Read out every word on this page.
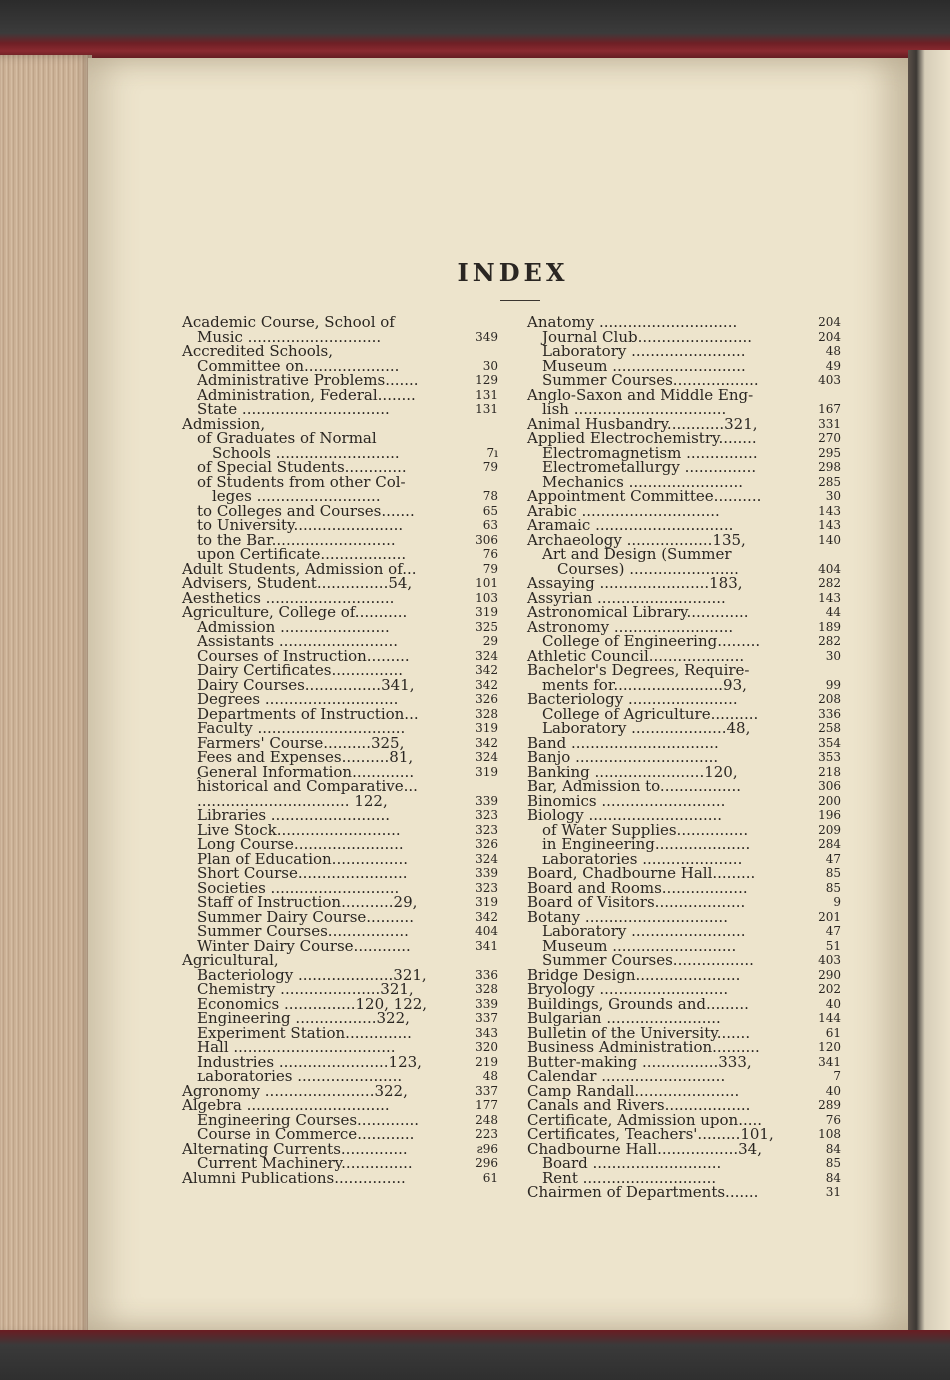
INDEX
Academic Course, School of
Music ............................	349
Accredited Schools,
Committee on....................	30
Administrative Problems.......	129
Administration, Federal........	131
State ...............................	131
Admission,
of Graduates of Normal
Schools ..........................	7ı
of Special Students.............	79
of Students from other Col-
leges ..........................	78
to Colleges and Courses.......	65
to University.......................	63
to the Bar..........................	306
upon Certificate..................	76
Adult Students, Admission of...	79
Advisers, Student...............54,	101
Aesthetics ...........................	103
Agriculture, College of...........	319
Admission .......................	325
Assistants .........................	29
Courses of Instruction.........	324
Dairy Certificates...............	342
Dairy Courses................341,	342
Degrees ............................	326
Departments of Instruction...	328
Faculty ...............................	319
Farmers' Course..........325,	342
Fees and Expenses..........81,	324
General Information.............	319
ĥistorical and Comparative...
................................ 122,	339
Libraries .........................	323
Live Stock..........................	323
Long Course.......................	326
Plan of Education................	324
Short Course.......................	339
Societies ...........................	323
Staff of Instruction...........29,	319
Summer Dairy Course..........	342
Summer Courses.................	404
Winter Dairy Course............	341
Agricultural,
Bacteriology ....................321,	336
Chemistry .....................321,	328
Economics ...............120, 122,	339
Engineering .................322,	337
Experiment Station..............	343
Hall ..................................	320
Industries .......................123,	219
ʟaboratories ......................	48
Agronomy .......................322,	337
Algebra ..............................	177
Engineering Courses.............	248
Course in Commerce............	223
Alternating Currents..............	ƨ96
Current Machinery...............	296
Alumni Publications...............	61
Anatomy .............................	204
Journal Club........................	204
Laboratory ........................	48
Museum ............................	49
Summer Courses..................	403
Anglo-Saxon and Middle Eng-
lish ................................	167
Animal Husbandry............321,	331
Applied Electrochemistry........	270
Electromagnetism ...............	295
Electrometallurgy ...............	298
Mechanics ........................	285
Appointment Committee..........	30
Arabic .............................	143
Aramaic .............................	143
Archaeology ..................135,	140
Art and Design (Summer
Courses) .......................	404
Assaying .......................183,	282
Assyrian ...........................	143
Astronomical Library.............	44
Astronomy .........................	189
College of Engineering.........	282
Athletic Council....................	30
Bachelor's Degrees, Require-
ments for.......................93,	99
Bacteriology .......................	208
College of Agriculture..........	336
Laboratory ....................48,	258
Band ...............................	354
Banjo ..............................	353
Banking .......................120,	218
Bar, Admission to.................	306
Binomics ..........................	200
Biology ............................	196
of Water Supplies...............	209
in Engineering....................	284
ʟaboratories .....................	47
Board, Chadbourne Hall.........	85
Board and Rooms..................	85
Board of Visitors...................	9
Botany ..............................	201
Laboratory ........................	47
Museum ..........................	51
Summer Courses.................	403
Bridge Design......................	290
Bryology ...........................	202
Buildings, Grounds and.........	40
Bulgarian ........................	144
Bulletin of the University.......	61
Business Administration..........	120
Butter-making ................333,	341
Calendar ..........................	7
Camp Randall......................	40
Canals and Rivers..................	289
Certificate, Admission upon.....	76
Certificates, Teachers'.........101,	108
Chadbourne Hall.................34,	84
Board ...........................	85
Rent ............................	84
Chairmen of Departments.......	31
